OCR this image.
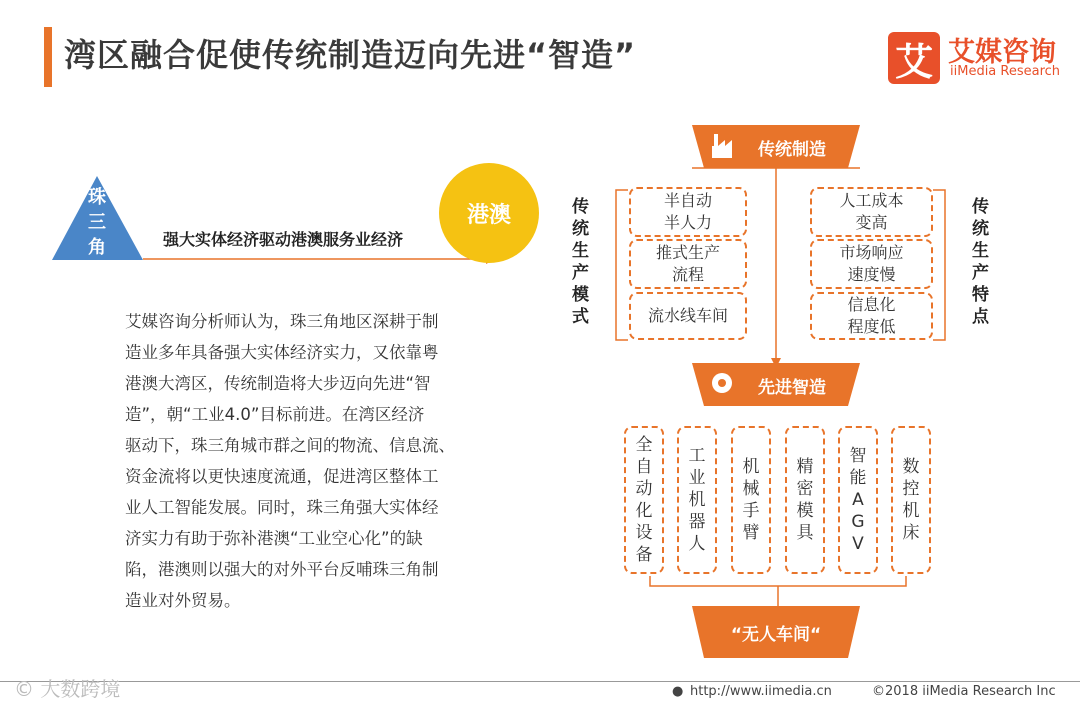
湾区融合促使传统制造迈向先进“智造”	艾 艾媒咨询
iiMedia Research
珠
三
角
港澳
强大实体经济驱动港澳服务业经济
艾媒咨询分析师认为，珠三角地区深耕于制
造业多年具备强大实体经济实力，又依靠粤
港澳大湾区，传统制造将大步迈向先进“智
造”，朝“工业4.0”目标前进。在湾区经济
驱动下，珠三角城市群之间的物流、信息流、
资金流将以更快速度流通，促进湾区整体工
业人工智能发展。同时，珠三角强大实体经
济实力有助于弥补港澳“工业空心化”的缺
陷，港澳则以强大的对外平台反哺珠三角制
造业对外贸易。
传统制造
先进智造
“无人车间“
传
统
生
产
模
式
传
统
生
产
特
点
半自动
半人力
推式生产
流程
流水线车间
人工成本
变高
市场响应
速度慢
信息化
程度低
全
自
动
化
设
备
工
业
机
器
人
机
械
手
臂
精
密
模
具
智
能
A
G
V
数
控
机
床
© 大数跨境	● http://www.iimedia.cn	©2018 iiMedia Research Inc
